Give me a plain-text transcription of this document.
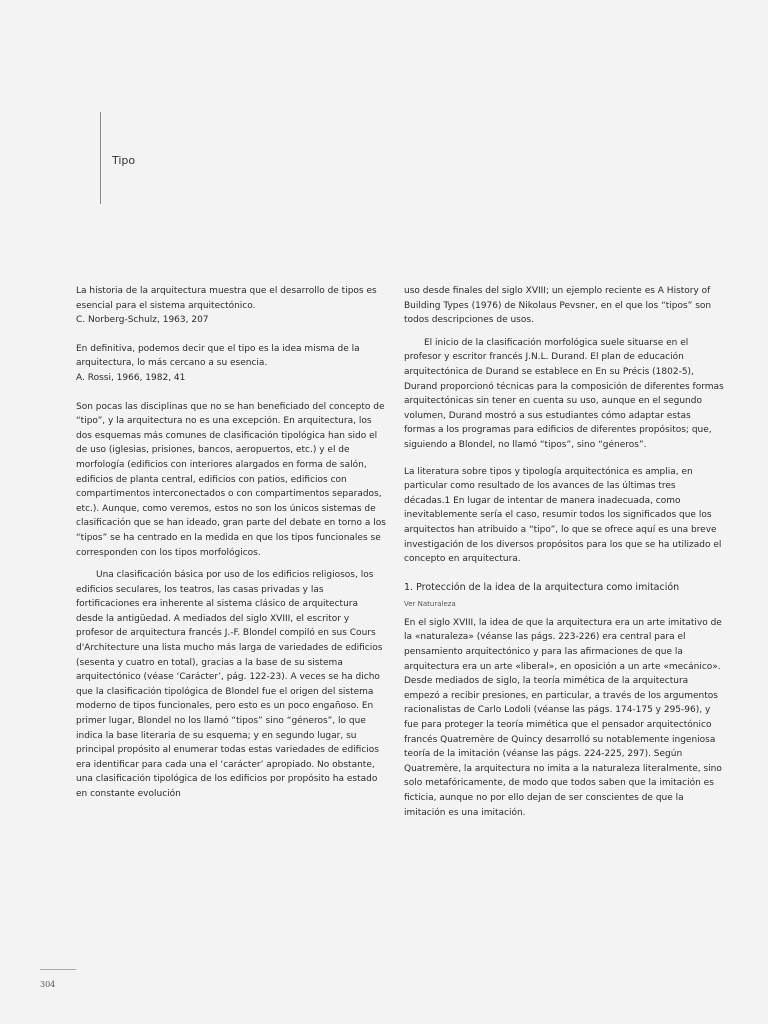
Tipo

La historia de la arquitectura muestra que el desarrollo de tipos es esencial para el sistema arquitectónico.

C. Norberg-Schulz, 1963, 207

En definitiva, podemos decir que el tipo es la idea misma de la arquitectura, lo más cercano a su esencia.

A. Rossi, 1966, 1982, 41

Son pocas las disciplinas que no se han beneficiado del concepto de “tipo”, y la arquitectura no es una excepción. En arquitectura, los dos esquemas más comunes de clasificación tipológica han sido el de uso (iglesias, prisiones, bancos, aeropuertos, etc.) y el de morfología (edificios con interiores alargados en forma de salón, edificios de planta central, edificios con patios, edificios con compartimentos interconectados o con compartimentos separados, etc.). Aunque, como veremos, estos no son los únicos sistemas de clasificación que se han ideado, gran parte del debate en torno a los “tipos” se ha centrado en la medida en que los tipos funcionales se corresponden con los tipos morfológicos.

Una clasificación básica por uso de los edificios religiosos, los edificios seculares, los teatros, las casas privadas y las fortificaciones era inherente al sistema clásico de arquitectura desde la antigüedad. A mediados del siglo XVIII, el escritor y profesor de arquitectura francés J.-F. Blondel compiló en sus Cours d'Architecture una lista mucho más larga de variedades de edificios (sesenta y cuatro en total), gracias a la base de su sistema arquitectónico (véase ‘Carácter’, pág. 122-23). A veces se ha dicho que la clasificación tipológica de Blondel fue el origen del sistema moderno de tipos funcionales, pero esto es un poco engañoso. En primer lugar, Blondel no los llamó “tipos” sino “géneros”, lo que indica la base literaria de su esquema; y en segundo lugar, su principal propósito al enumerar todas estas variedades de edificios era identificar para cada una el ‘carácter’ apropiado. No obstante, una clasificación tipológica de los edificios por propósito ha estado en constante evolución

uso desde finales del siglo XVIII; un ejemplo reciente es A History of Building Types (1976) de Nikolaus Pevsner, en el que los “tipos” son todos descripciones de usos.

El inicio de la clasificación morfológica suele situarse en el profesor y escritor francés J.N.L. Durand. El plan de educación arquitectónica de Durand se establece en En su Précis (1802-5), Durand proporcionó técnicas para la composición de diferentes formas arquitectónicas sin tener en cuenta su uso, aunque en el segundo volumen, Durand mostró a sus estudiantes cómo adaptar estas formas a los programas para edificios de diferentes propósitos; que, siguiendo a Blondel, no llamó “tipos”, sino “géneros”.

La literatura sobre tipos y tipología arquitectónica es amplia, en particular como resultado de los avances de las últimas tres décadas.1 En lugar de intentar de manera inadecuada, como inevitablemente sería el caso, resumir todos los significados que los arquitectos han atribuido a “tipo”, lo que se ofrece aquí es una breve investigación de los diversos propósitos para los que se ha utilizado el concepto en arquitectura.

1. Protección de la idea de la arquitectura como imitación
Ver Naturaleza

En el siglo XVIII, la idea de que la arquitectura era un arte imitativo de la «naturaleza» (véanse las págs. 223-226) era central para el pensamiento arquitectónico y para las afirmaciones de que la arquitectura era un arte «liberal», en oposición a un arte «mecánico». Desde mediados de siglo, la teoría mimética de la arquitectura empezó a recibir presiones, en particular, a través de los argumentos racionalistas de Carlo Lodoli (véanse las págs. 174-175 y 295-96), y fue para proteger la teoría mimética que el pensador arquitectónico francés Quatremère de Quincy desarrolló su notablemente ingeniosa teoría de la imitación (véanse las págs. 224-225, 297). Según Quatremère, la arquitectura no imita a la naturaleza literalmente, sino solo metafóricamente, de modo que todos saben que la imitación es ficticia, aunque no por ello dejan de ser conscientes de que la imitación es una imitación.

304
